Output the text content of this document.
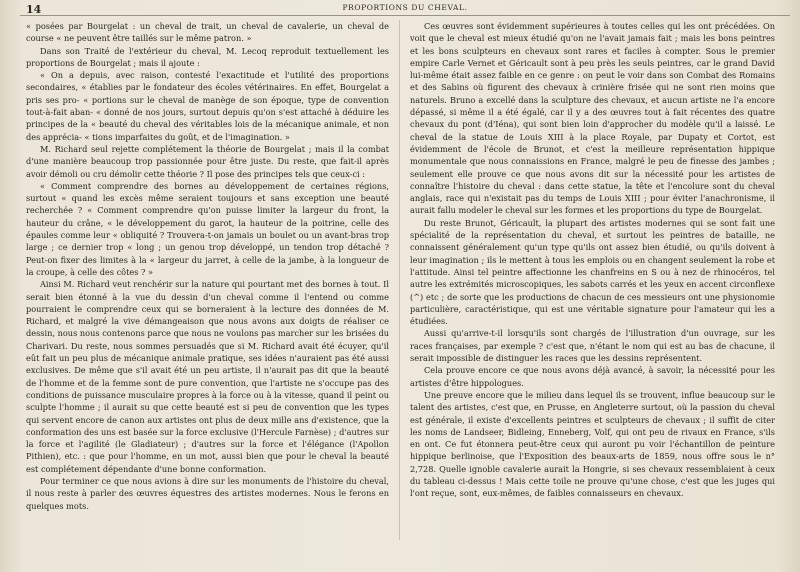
14	PROPORTIONS DU CHEVAL.

« posées par Bourgelat : un cheval de trait, un cheval de cavalerie, un cheval de course « ne peuvent être taillés sur le même patron. »

Dans son Traité de l'extérieur du cheval, M. Lecoq reproduit textuellement les proportions de Bourgelat ; mais il ajoute :

« On a depuis, avec raison, contesté l'exactitude et l'utilité des proportions secondaires, « établies par le fondateur des écoles vétérinaires. En effet, Bourgelat a pris ses pro- « portions sur le cheval de manège de son époque, type de convention tout-à-fait aban- « donné de nos jours, surtout depuis qu'on s'est attaché à déduire les principes de la « beauté du cheval des véritables lois de la mécanique animale, et non des apprécia- « tions imparfaites du goût, et de l'imagination. »

M. Richard seul rejette complétement la théorie de Bourgelat ; mais il la combat d'une manière beaucoup trop passionnée pour être juste. Du reste, que fait-il après avoir démoli ou cru démolir cette théorie ? Il pose des principes tels que ceux-ci :

« Comment comprendre des bornes au développement de certaines régions, surtout « quand les excès même seraient toujours et sans exception une beauté recherchée ? « Comment comprendre qu'on puisse limiter la largeur du front, la hauteur du crâne, « le développement du garot, la hauteur de la poitrine, celle des épaules comme leur « obliquité ? Trouvera-t-on jamais un boulet ou un avant-bras trop large ; ce dernier trop « long ; un genou trop développé, un tendon trop détaché ? Peut-on fixer des limites à la « largeur du jarret, à celle de la jambe, à la longueur de la croupe, à celle des côtes ? »

Ainsi M. Richard veut renchérir sur la nature qui pourtant met des bornes à tout. Il serait bien étonné à la vue du dessin d'un cheval comme il l'entend ou comme pourraient le comprendre ceux qui se borneraient à la lecture des données de M. Richard, et malgré la vive démangeaison que nous avons aux doigts de réaliser ce dessin, nous nous contenons parce que nous ne voulons pas marcher sur les brisées du Charivari. Du reste, nous sommes persuadés que si M. Richard avait été écuyer, qu'il eût fait un peu plus de mécanique animale pratique, ses idées n'auraient pas été aussi exclusives. De même que s'il avait été un peu artiste, il n'aurait pas dit que la beauté de l'homme et de la femme sont de pure convention, que l'artiste ne s'occupe pas des conditions de puissance musculaire propres à la force ou à la vitesse, quand il peint ou sculpte l'homme ; il aurait su que cette beauté est si peu de convention que les types qui servent encore de canon aux artistes ont plus de deux mille ans d'existence, que la conformation des uns est basée sur la force exclusive (l'Hercule Farnèse) ; d'autres sur la force et l'agilité (le Gladiateur) ; d'autres sur la force et l'élégance (l'Apollon Pithien), etc. : que pour l'homme, en un mot, aussi bien que pour le cheval la beauté est complétement dépendante d'une bonne conformation.

Pour terminer ce que nous avions à dire sur les monuments de l'histoire du cheval, il nous reste à parler des œuvres équestres des artistes modernes. Nous le ferons en quelques mots.

Ces œuvres sont évidemment supérieures à toutes celles qui les ont précédées. On voit que le cheval est mieux étudié qu'on ne l'avait jamais fait ; mais les bons peintres et les bons sculpteurs en chevaux sont rares et faciles à compter. Sous le premier empire Carle Vernet et Géricault sont à peu près les seuls peintres, car le grand David lui-même était assez faible en ce genre : on peut le voir dans son Combat des Romains et des Sabins où figurent des chevaux à crinière frisée qui ne sont rien moins que naturels. Bruno a excellé dans la sculpture des chevaux, et aucun artiste ne l'a encore dépassé, si même il a été égalé, car il y a des œuvres tout à fait récentes des quatre chevaux du pont (d'Iéna), qui sont bien loin d'approcher du modèle qu'il a laissé. Le cheval de la statue de Louis XIII à la place Royale, par Dupaty et Cortot, est évidemment de l'école de Brunot, et c'est la meilleure représentation hippique monumentale que nous connaissions en France, malgré le peu de finesse des jambes ; seulement elle prouve ce que nous avons dit sur la nécessité pour les artistes de connaître l'histoire du cheval : dans cette statue, la tête et l'encolure sont du cheval anglais, race qui n'existait pas du temps de Louis XIII ; pour éviter l'anachronisme, il aurait fallu modeler le cheval sur les formes et les proportions du type de Bourgelat.

Du reste Brunot, Géricault, la plupart des artistes modernes qui se sont fait une spécialité de la représentation du cheval, et surtout les peintres de bataille, ne connaissent généralement qu'un type qu'ils ont assez bien étudié, ou qu'ils doivent à leur imagination ; ils le mettent à tous les emplois ou en changent seulement la robe et l'attitude. Ainsi tel peintre affectionne les chanfreins en S ou à nez de rhinocéros, tel autre les extrémités microscopiques, les sabots carrés et les yeux en accent circonflexe (^) etc ; de sorte que les productions de chacun de ces messieurs ont une physionomie particulière, caractéristique, qui est une véritable signature pour l'amateur qui les a étudiées.

Aussi qu'arrive-t-il lorsqu'ils sont chargés de l'illustration d'un ouvrage, sur les races françaises, par exemple ? c'est que, n'étant le nom qui est au bas de chacune, il serait impossible de distinguer les races que les dessins représentent.

Cela prouve encore ce que nous avons déjà avancé, à savoir, la nécessité pour les artistes d'être hippologues.

Une preuve encore que le milieu dans lequel ils se trouvent, influe beaucoup sur le talent des artistes, c'est que, en Prusse, en Angleterre surtout, où la passion du cheval est générale, il existe d'excellents peintres et sculpteurs de chevaux ; il suffit de citer les noms de Landseer, Bidleing, Enneberg, Volf, qui ont peu de rivaux en France, s'ils en ont. Ce fut étonnera peut-être ceux qui auront pu voir l'échantillon de peinture hippique berlinoise, que l'Exposition des beaux-arts de 1859, nous offre sous le n° 2,728. Quelle ignoble cavalerie aurait la Hongrie, si ses chevaux ressemblaient à ceux du tableau ci-dessus ! Mais cette toile ne prouve qu'une chose, c'est que les juges qui l'ont reçue, sont, eux-mêmes, de faibles connaisseurs en chevaux.
